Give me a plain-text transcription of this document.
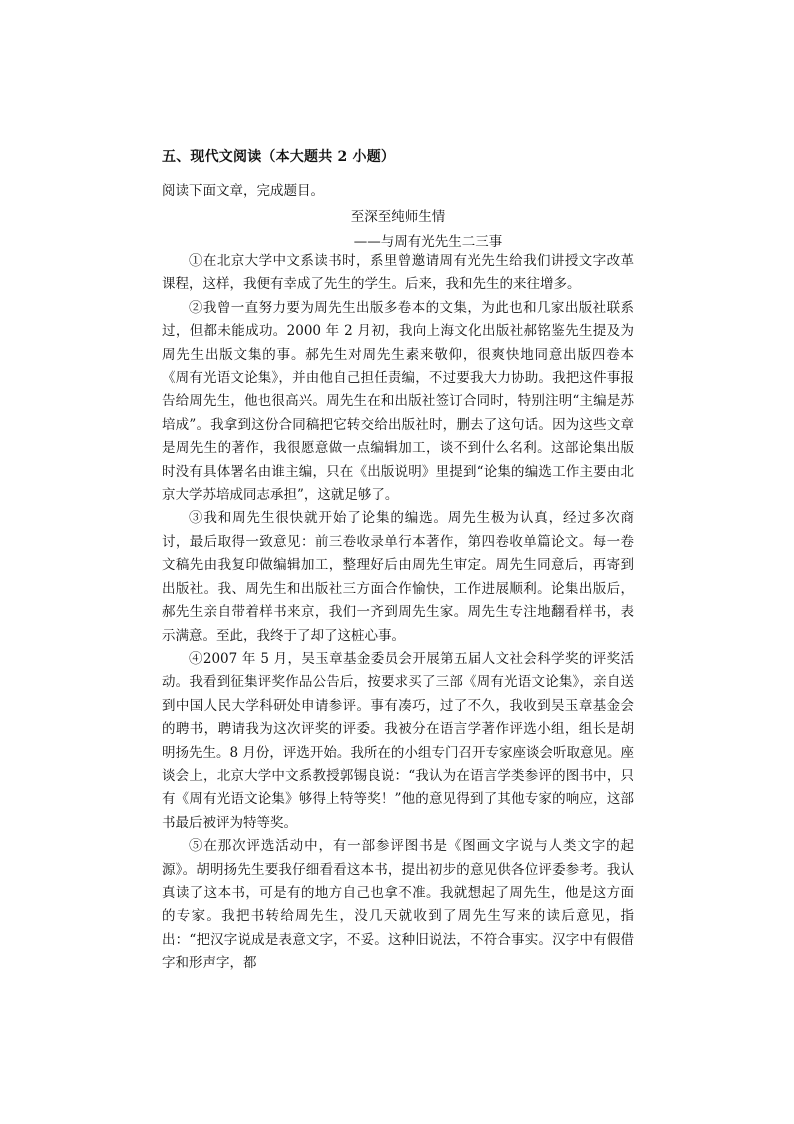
五、现代文阅读（本大题共 2 小题）
阅读下面文章，完成题目。
至深至纯师生情
——与周有光先生二三事

①在北京大学中文系读书时，系里曾邀请周有光先生给我们讲授文字改革课程，这样，我便有幸成了先生的学生。后来，我和先生的来往增多。

②我曾一直努力要为周先生出版多卷本的文集，为此也和几家出版社联系过，但都未能成功。2000 年 2 月初，我向上海文化出版社郝铭鉴先生提及为周先生出版文集的事。郝先生对周先生素来敬仰，很爽快地同意出版四卷本《周有光语文论集》，并由他自己担任责编，不过要我大力协助。我把这件事报告给周先生，他也很高兴。周先生在和出版社签订合同时，特别注明“主编是苏培成”。我拿到这份合同稿把它转交给出版社时，删去了这句话。因为这些文章是周先生的著作，我很愿意做一点编辑加工，谈不到什么名利。这部论集出版时没有具体署名由谁主编，只在《出版说明》里提到“论集的编选工作主要由北京大学苏培成同志承担”，这就足够了。

③我和周先生很快就开始了论集的编选。周先生极为认真，经过多次商讨，最后取得一致意见：前三卷收录单行本著作，第四卷收单篇论文。每一卷文稿先由我复印做编辑加工，整理好后由周先生审定。周先生同意后，再寄到出版社。我、周先生和出版社三方面合作愉快，工作进展顺利。论集出版后，郝先生亲自带着样书来京，我们一齐到周先生家。周先生专注地翻看样书，表示满意。至此，我终于了却了这桩心事。

④2007 年 5 月，吴玉章基金委员会开展第五届人文社会科学奖的评奖活动。我看到征集评奖作品公告后，按要求买了三部《周有光语文论集》，亲自送到中国人民大学科研处申请参评。事有凑巧，过了不久，我收到吴玉章基金会的聘书，聘请我为这次评奖的评委。我被分在语言学著作评选小组，组长是胡明扬先生。8 月份，评选开始。我所在的小组专门召开专家座谈会听取意见。座谈会上，北京大学中文系教授郭锡良说：“我认为在语言学类参评的图书中，只有《周有光语文论集》够得上特等奖！”他的意见得到了其他专家的响应，这部书最后被评为特等奖。

⑤在那次评选活动中，有一部参评图书是《图画文字说与人类文字的起源》。胡明扬先生要我仔细看看这本书，提出初步的意见供各位评委参考。我认真读了这本书，可是有的地方自己也拿不准。我就想起了周先生，他是这方面的专家。我把书转给周先生，没几天就收到了周先生写来的读后意见，指出：“把汉字说成是表意文字，不妥。这种旧说法，不符合事实。汉字中有假借字和形声字，都
